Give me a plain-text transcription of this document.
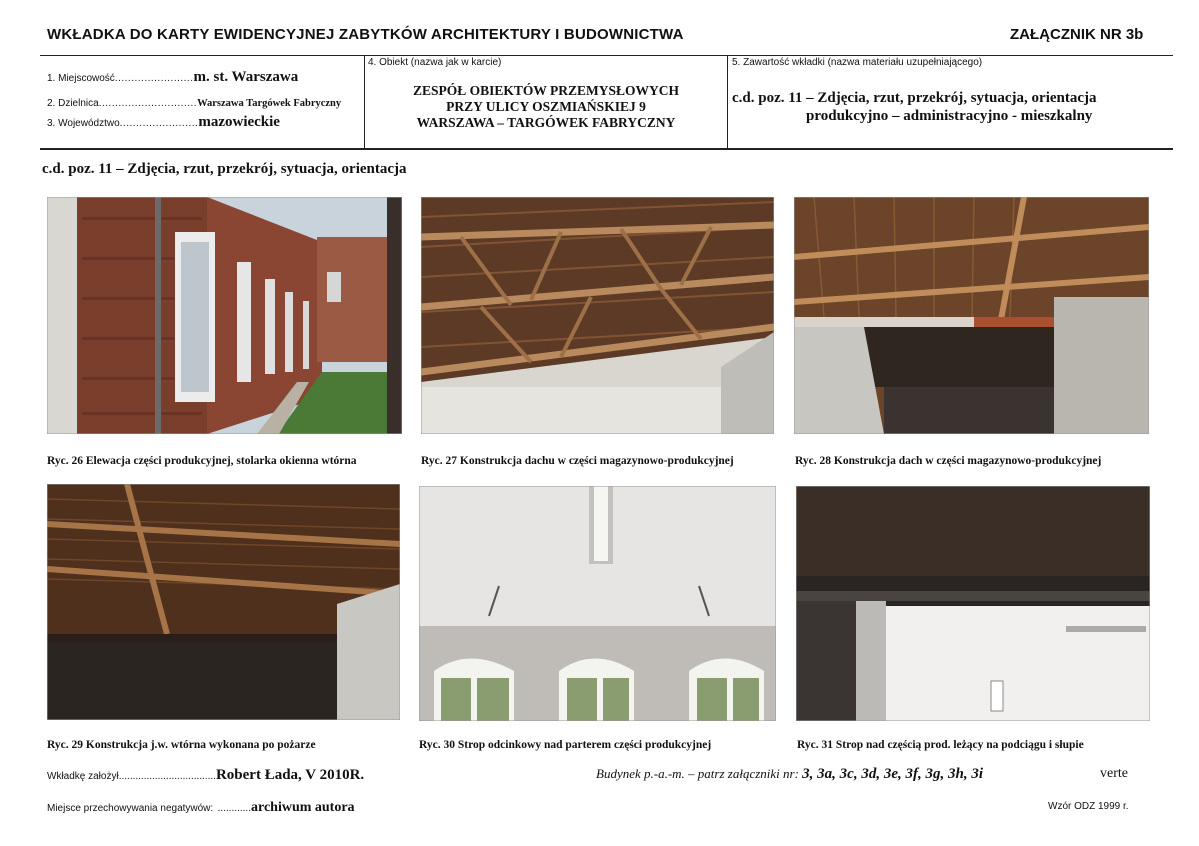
WKŁADKA DO KARTY EWIDENCYJNEJ ZABYTKÓW ARCHITEKTURY I BUDOWNICTWA	ZAŁĄCZNIK NR 3b
1. Miejscowość........................m. st. Warszawa
2. Dzielnica..............................Warszawa Targówek Fabryczny
3. Województwo........................mazowieckie
4. Obiekt (nazwa jak w karcie)
ZESPÓŁ OBIEKTÓW PRZEMYSŁOWYCH
PRZY ULICY OSZMIAŃSKIEJ 9
WARSZAWA – TARGÓWEK FABRYCZNY
5. Zawartość wkładki (nazwa materiału uzupełniającego)
c.d. poz. 11 – Zdjęcia, rzut, przekrój, sytuacja, orientacja
produkcyjno – administracyjno - mieszkalny
c.d. poz. 11 – Zdjęcia, rzut, przekrój, sytuacja, orientacja
Ryc. 26 Elewacja części produkcyjnej, stolarka okienna wtórna	Ryc. 27 Konstrukcja dachu w części magazynowo-produkcyjnej	Ryc. 28 Konstrukcja dach w części magazynowo-produkcyjnej
Ryc. 29 Konstrukcja j.w. wtórna wykonana po pożarze	Ryc. 30 Strop odcinkowy nad parterem części produkcyjnej	Ryc. 31 Strop nad częścią prod. leżący na podciągu i słupie
Wkładkę założył...................................Robert Łada, V 2010R.	Budynek p.-a.-m. – patrz załączniki nr: 3, 3a, 3c, 3d, 3e, 3f, 3g, 3h, 3i	verte
Miejsce przechowywania negatywów: ............archiwum autora	Wzór ODZ 1999 r.
